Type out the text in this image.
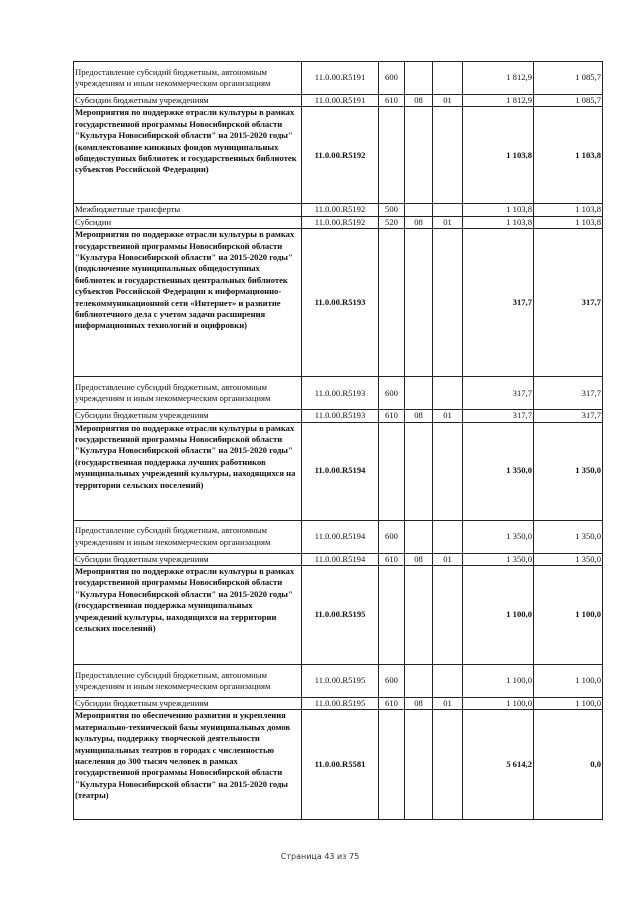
Предоставление субсидий бюджетным, автономным учреждениям и иным некоммерческим организациям	11.0.00.R5191	600			1 812,9	1 085,7
Субсидии бюджетным учреждениям	11.0.00.R5191	610	08	01	1 812,9	1 085,7
Мероприятия по поддержке отрасли культуры в рамках государственной программы Новосибирской области "Культура Новосибирской области" на 2015-2020 годы" (комплектование книжных фондов муниципальных общедоступных библиотек и государственных библиотек субъектов Российской Федерации)	11.0.00.R5192				1 103,8	1 103,8
Межбюджетные трансферты	11.0.00.R5192	500			1 103,8	1 103,8
Субсидии	11.0.00.R5192	520	08	01	1 103,8	1 103,8
Мероприятия по поддержке отрасли культуры в рамках государственной программы Новосибирской области "Культура Новосибирской области" на 2015-2020 годы" (подключение муниципальных общедоступных библиотек и государственных центральных библиотек субъектов Российской Федерации к информационно-телекоммуникационной сети «Интернет» и развитие библиотечного дела с учетом задачи расширения информационных технологий и оцифровки)	11.0.00.R5193				317,7	317,7
Предоставление субсидий бюджетным, автономным учреждениям и иным некоммерческим организациям	11.0.00.R5193	600			317,7	317,7
Субсидии бюджетным учреждениям	11.0.00.R5193	610	08	01	317,7	317,7
Мероприятия по поддержке отрасли культуры в рамках государственной программы Новосибирской области "Культура Новосибирской области" на 2015-2020 годы" (государственная поддержка лучших работников муниципальных учреждений культуры, находящихся на территории сельских поселений)	11.0.00.R5194				1 350,0	1 350,0
Предоставление субсидий бюджетным, автономным учреждениям и иным некоммерческим организациям	11.0.00.R5194	600			1 350,0	1 350,0
Субсидии бюджетным учреждениям	11.0.00.R5194	610	08	01	1 350,0	1 350,0
Мероприятия по поддержке отрасли культуры в рамках государственной программы Новосибирской области "Культура Новосибирской области" на 2015-2020 годы" (государственная поддержка муниципальных учреждений культуры, находящихся на территории сельских поселений)	11.0.00.R5195				1 100,0	1 100,0
Предоставление субсидий бюджетным, автономным учреждениям и иным некоммерческим организациям	11.0.00.R5195	600			1 100,0	1 100,0
Субсидии бюджетным учреждениям	11.0.00.R5195	610	08	01	1 100,0	1 100,0
Мероприятия по обеспечению развития и укрепления материально-технической базы муниципальных домов культуры, поддержку творческой деятельности муниципальных театров в городах с численностью населения до 300 тысяч человек в рамках государственной программы Новосибирской области "Культура Новосибирской области" на 2015-2020 годы (театры)	11.0.00.R5581				5 614,2	0,0
Страница 43 из 75
